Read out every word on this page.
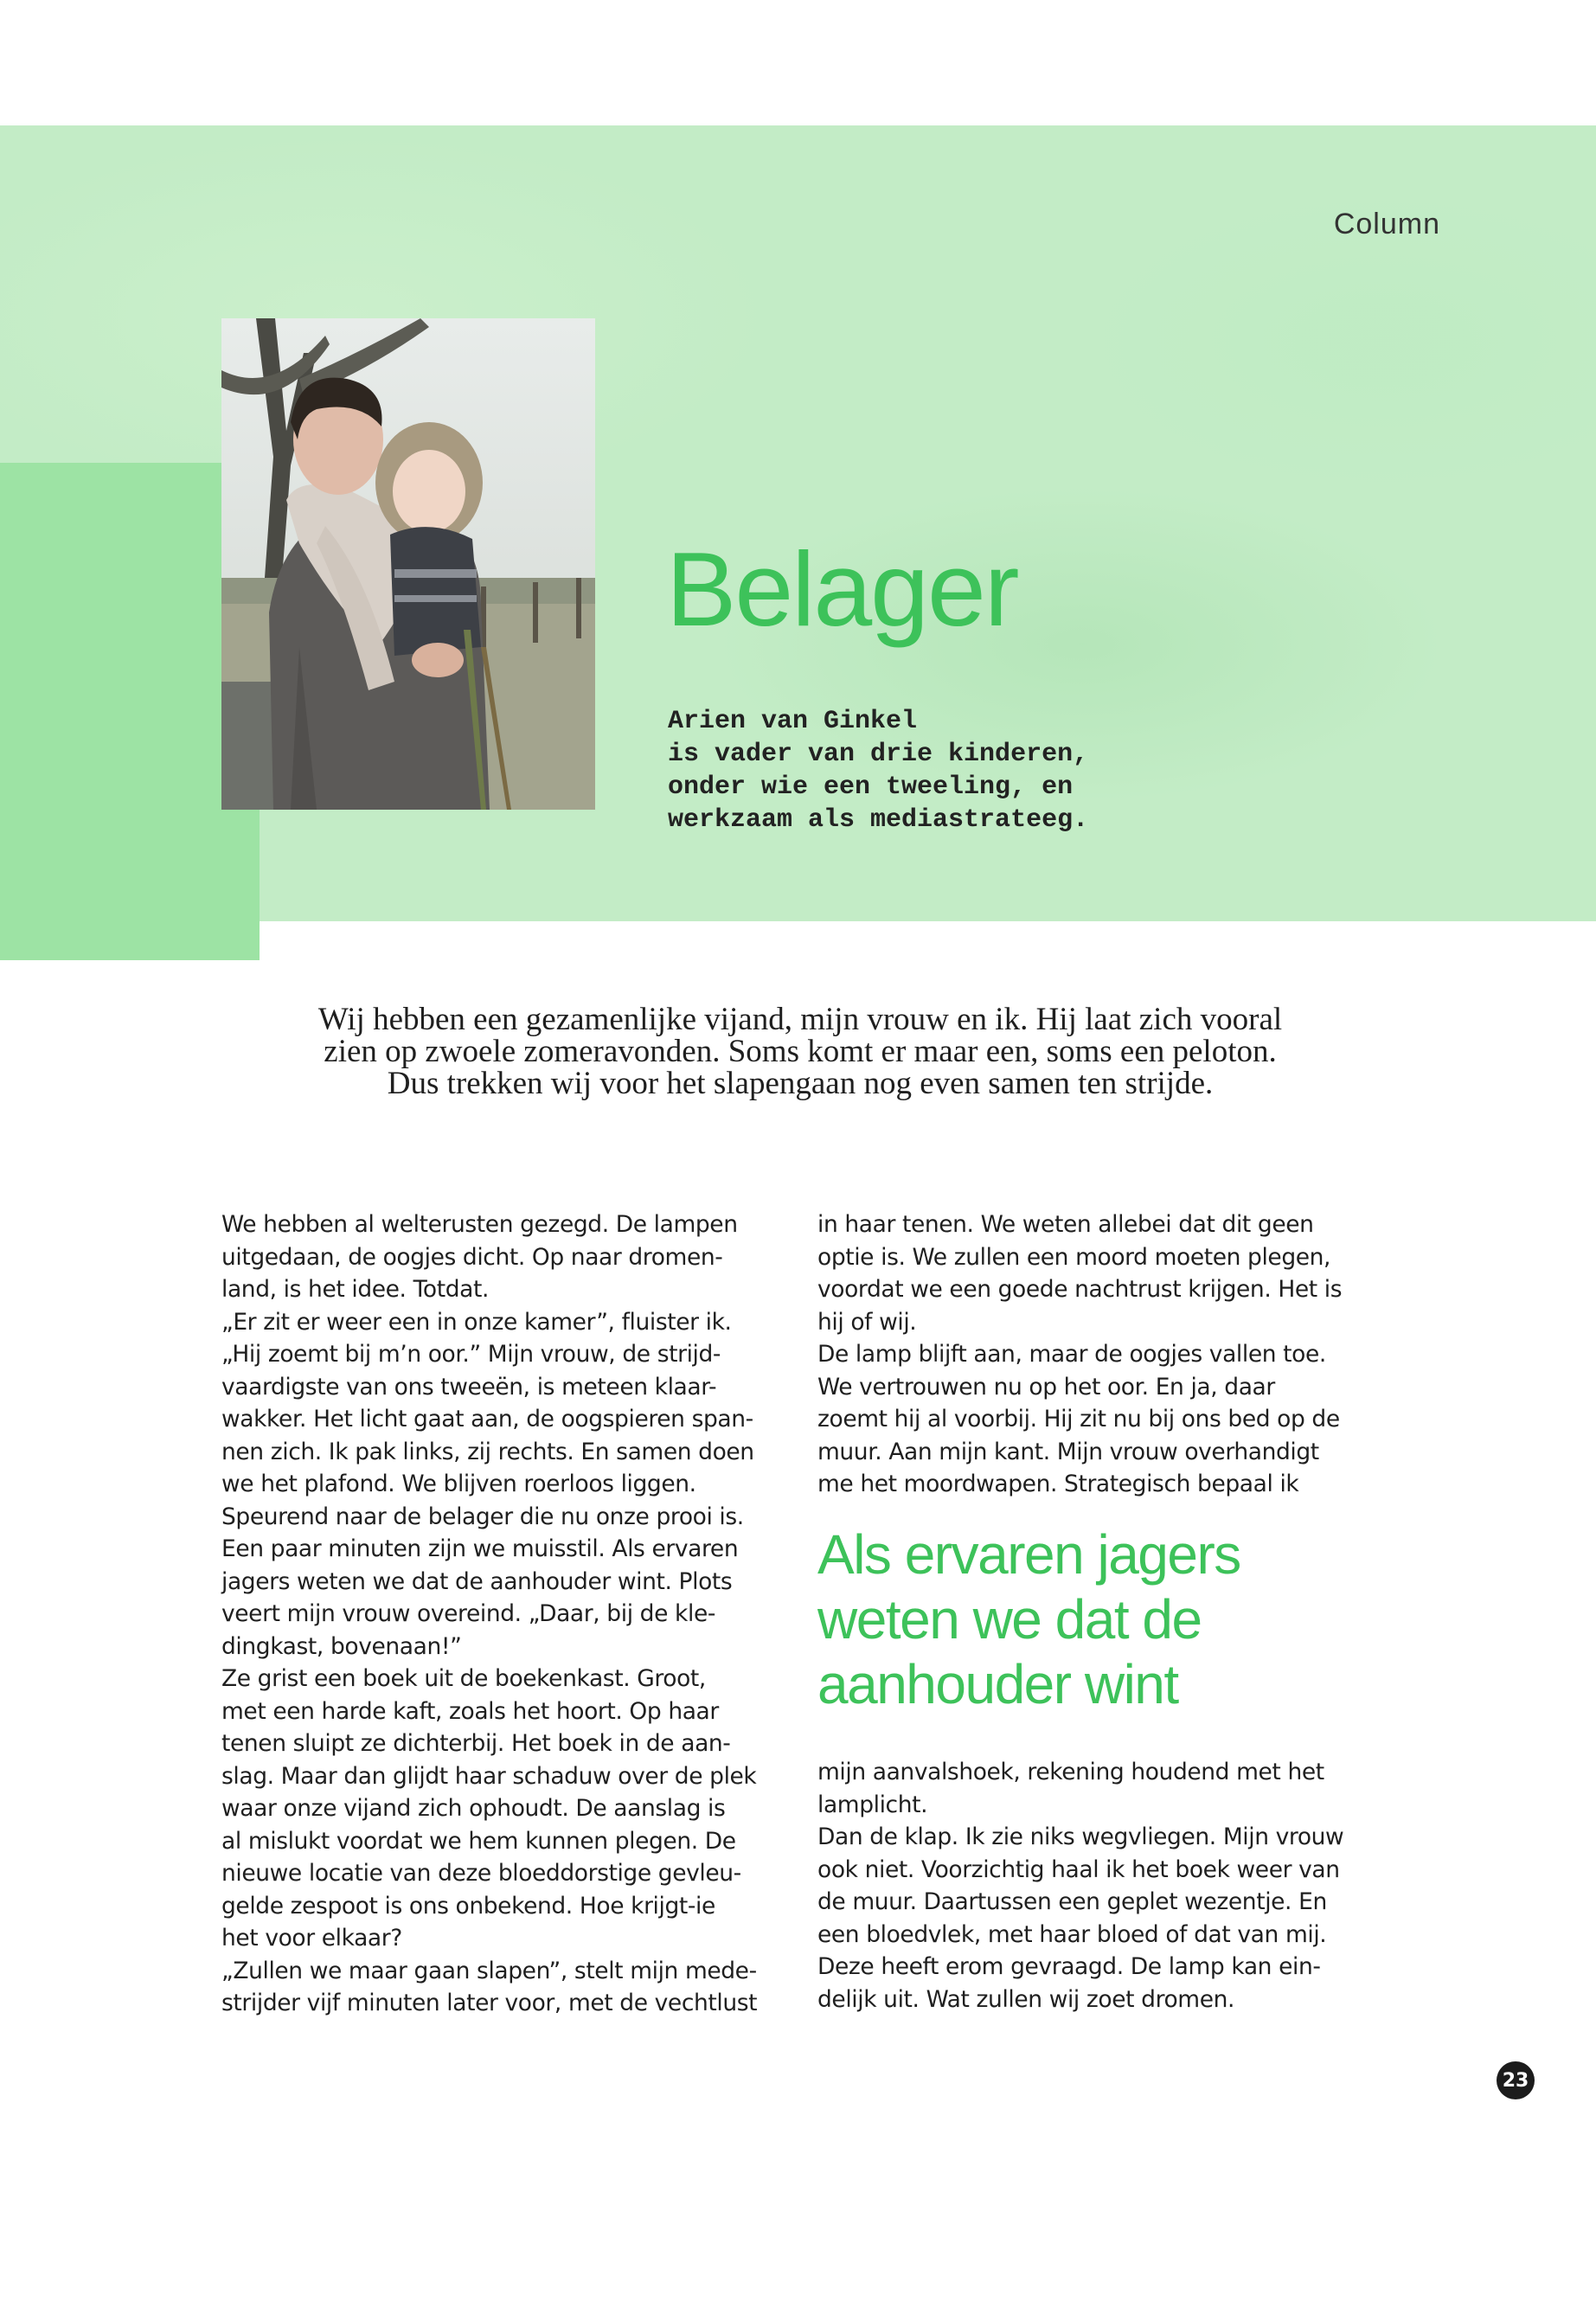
Column
Belager
Arien van Ginkel
is vader van drie kinderen,
onder wie een tweeling, en
werkzaam als mediastrateeg.
Wij hebben een gezamenlijke vijand, mijn vrouw en ik. Hij laat zich vooral
zien op zwoele zomeravonden. Soms komt er maar een, soms een peloton.
Dus trekken wij voor het slapengaan nog even samen ten strijde.
We hebben al welterusten gezegd. De lampen
uitgedaan, de oogjes dicht. Op naar dromen-
land, is het idee. Totdat.
„Er zit er weer een in onze kamer”, fluister ik.
„Hij zoemt bij m’n oor.” Mijn vrouw, de strijd-
vaardigste van ons tweeën, is meteen klaar-
wakker. Het licht gaat aan, de oogspieren span-
nen zich. Ik pak links, zij rechts. En samen doen
we het plafond. We blijven roerloos liggen.
Speurend naar de belager die nu onze prooi is.
Een paar minuten zijn we muisstil. Als ervaren
jagers weten we dat de aanhouder wint. Plots
veert mijn vrouw overeind. „Daar, bij de kle-
dingkast, bovenaan!”
Ze grist een boek uit de boekenkast. Groot,
met een harde kaft, zoals het hoort. Op haar
tenen sluipt ze dichterbij. Het boek in de aan-
slag. Maar dan glijdt haar schaduw over de plek
waar onze vijand zich ophoudt. De aanslag is
al mislukt voordat we hem kunnen plegen. De
nieuwe locatie van deze bloeddorstige gevleu-
gelde zespoot is ons onbekend. Hoe krijgt-ie
het voor elkaar?
„Zullen we maar gaan slapen”, stelt mijn mede-
strijder vijf minuten later voor, met de vechtlust
in haar tenen. We weten allebei dat dit geen
optie is. We zullen een moord moeten plegen,
voordat we een goede nachtrust krijgen. Het is
hij of wij.
De lamp blijft aan, maar de oogjes vallen toe.
We vertrouwen nu op het oor. En ja, daar
zoemt hij al voorbij. Hij zit nu bij ons bed op de
muur. Aan mijn kant. Mijn vrouw overhandigt
me het moordwapen. Strategisch bepaal ik
Als ervaren jagers
weten we dat de
aanhouder wint
mijn aanvalshoek, rekening houdend met het
lamplicht.
Dan de klap. Ik zie niks wegvliegen. Mijn vrouw
ook niet. Voorzichtig haal ik het boek weer van
de muur. Daartussen een geplet wezentje. En
een bloedvlek, met haar bloed of dat van mij.
Deze heeft erom gevraagd. De lamp kan ein-
delijk uit. Wat zullen wij zoet dromen.
23
